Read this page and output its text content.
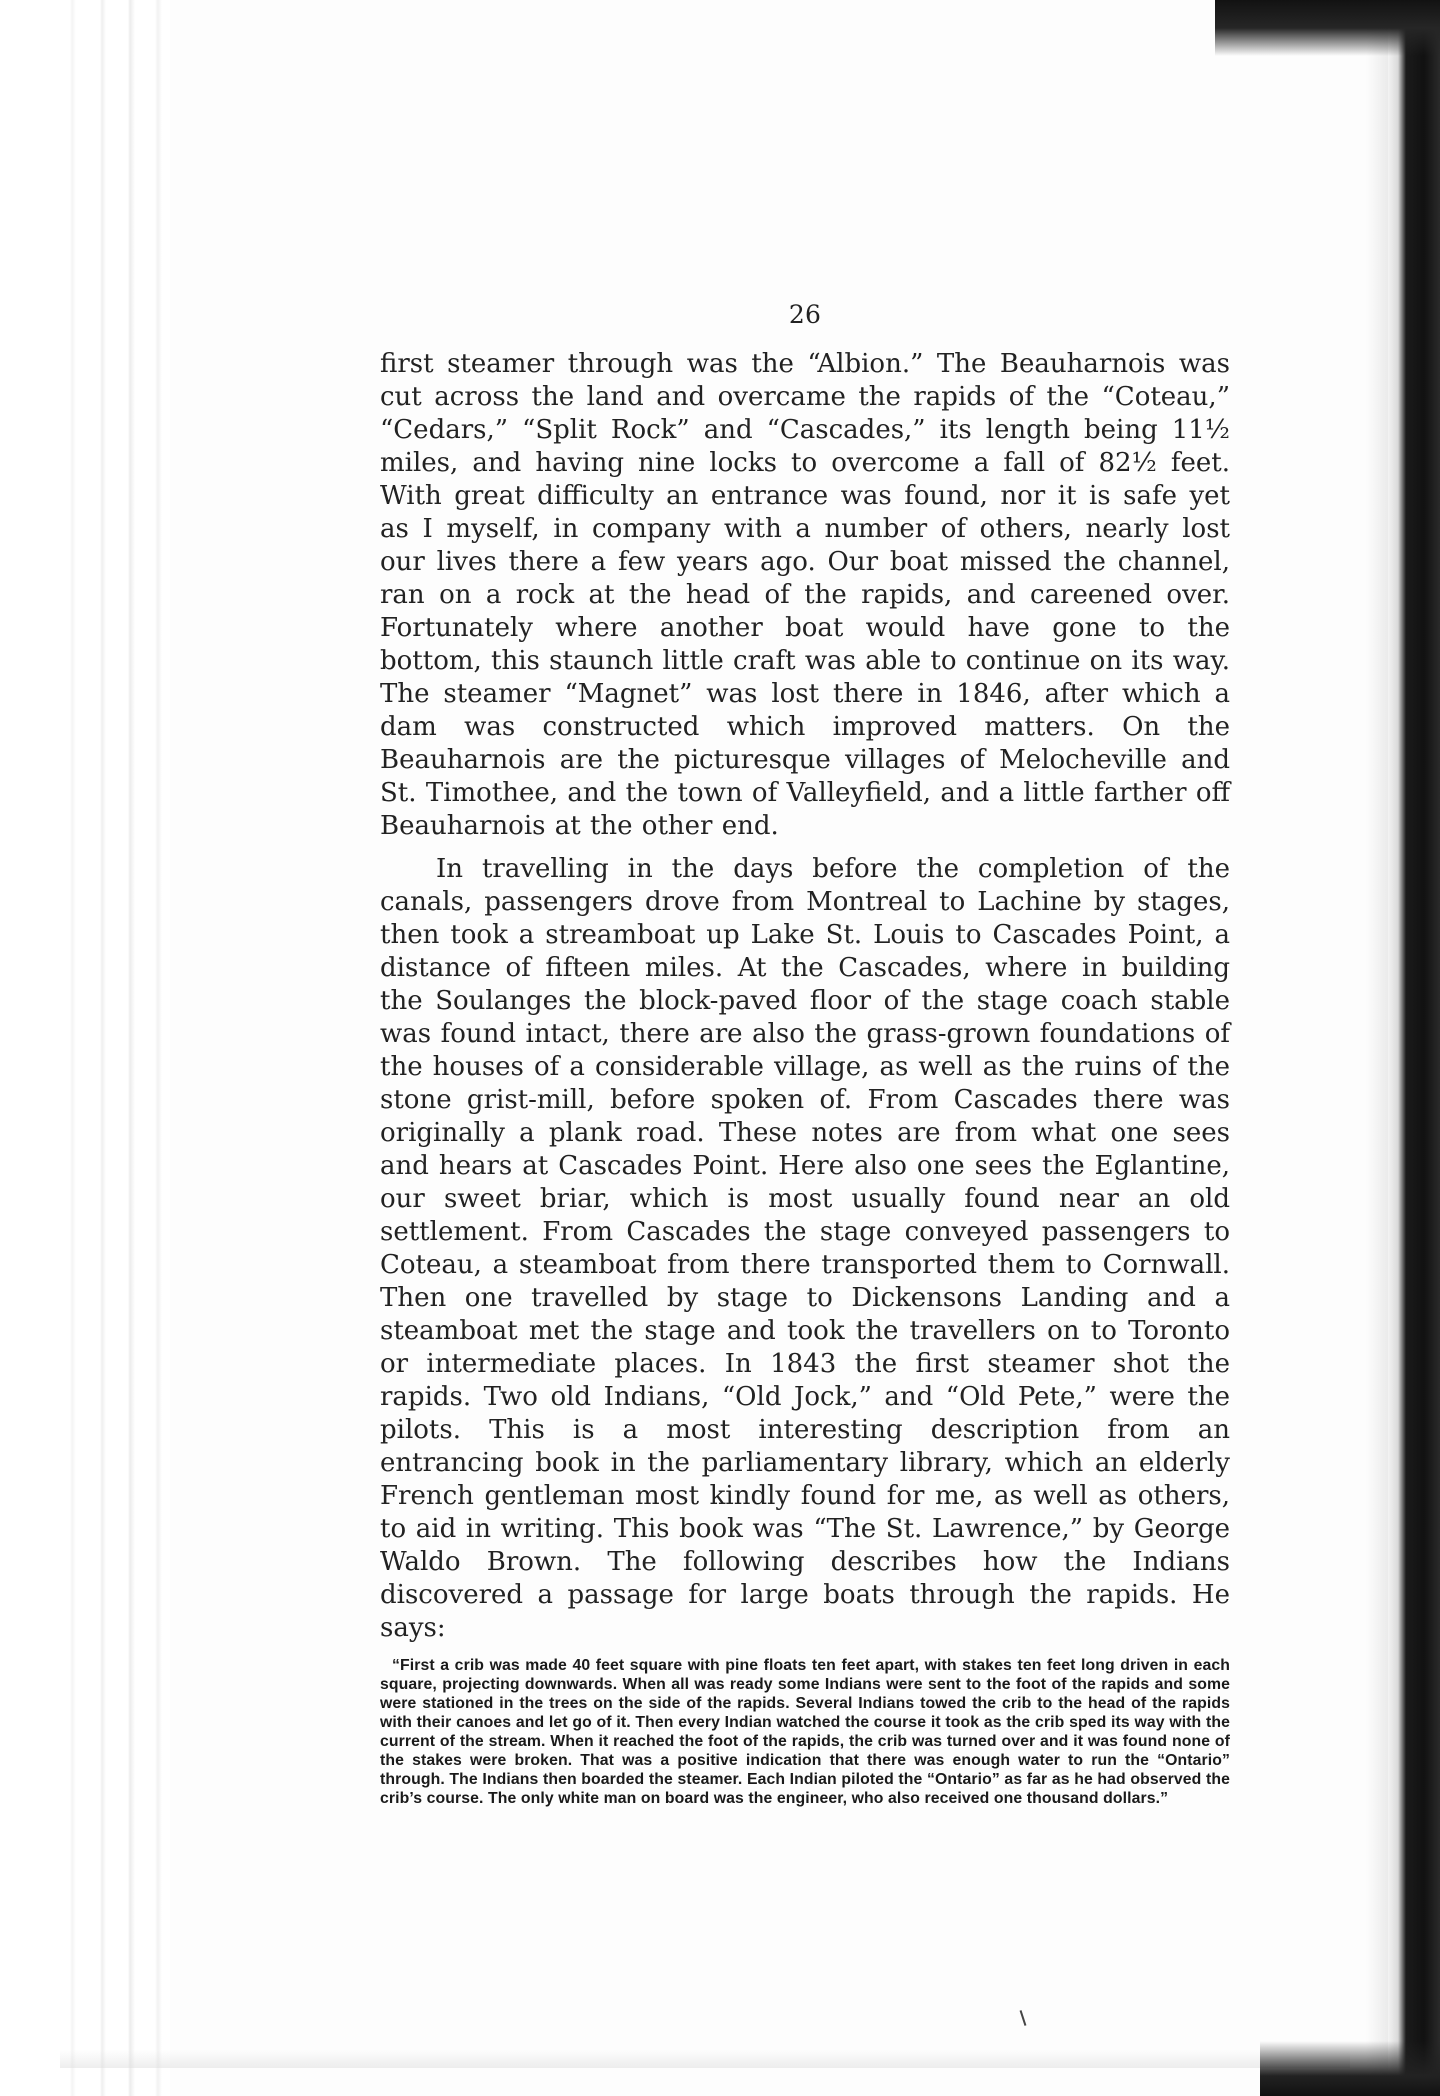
26

first steamer through was the “Albion.” The Beauharnois was cut across the land and overcame the rapids of the “Coteau,” “Cedars,” “Split Rock” and “Cascades,” its length being 11½ miles, and having nine locks to overcome a fall of 82½ feet. With great difficulty an entrance was found, nor it is safe yet as I myself, in company with a number of others, nearly lost our lives there a few years ago. Our boat missed the channel, ran on a rock at the head of the rapids, and careened over. Fortunately where another boat would have gone to the bottom, this staunch little craft was able to continue on its way. The steamer “Magnet” was lost there in 1846, after which a dam was constructed which improved matters. On the Beauharnois are the picturesque villages of Melocheville and St. Timothee, and the town of Valleyfield, and a little farther off Beauharnois at the other end.

In travelling in the days before the completion of the canals, passengers drove from Montreal to Lachine by stages, then took a streamboat up Lake St. Louis to Cascades Point, a distance of fifteen miles. At the Cascades, where in building the Soulanges the block-paved floor of the stage coach stable was found intact, there are also the grass-grown foundations of the houses of a considerable village, as well as the ruins of the stone grist-mill, before spoken of. From Cascades there was originally a plank road. These notes are from what one sees and hears at Cascades Point. Here also one sees the Eglantine, our sweet briar, which is most usually found near an old settlement. From Cascades the stage conveyed passengers to Coteau, a steamboat from there transported them to Cornwall. Then one travelled by stage to Dickensons Landing and a steamboat met the stage and took the travellers on to Toronto or intermediate places. In 1843 the first steamer shot the rapids. Two old Indians, “Old Jock,” and “Old Pete,” were the pilots. This is a most interesting description from an entrancing book in the parliamentary library, which an elderly French gentleman most kindly found for me, as well as others, to aid in writing. This book was “The St. Lawrence,” by George Waldo Brown. The following describes how the Indians discovered a passage for large boats through the rapids. He says:

“First a crib was made 40 feet square with pine floats ten feet apart, with stakes ten feet long driven in each square, projecting downwards. When all was ready some Indians were sent to the foot of the rapids and some were stationed in the trees on the side of the rapids. Several Indians towed the crib to the head of the rapids with their canoes and let go of it. Then every Indian watched the course it took as the crib sped its way with the current of the stream. When it reached the foot of the rapids, the crib was turned over and it was found none of the stakes were broken. That was a positive indication that there was enough water to run the “Ontario” through. The Indians then boarded the steamer. Each Indian piloted the “Ontario” as far as he had observed the crib’s course. The only white man on board was the engineer, who also received one thousand dollars.”
